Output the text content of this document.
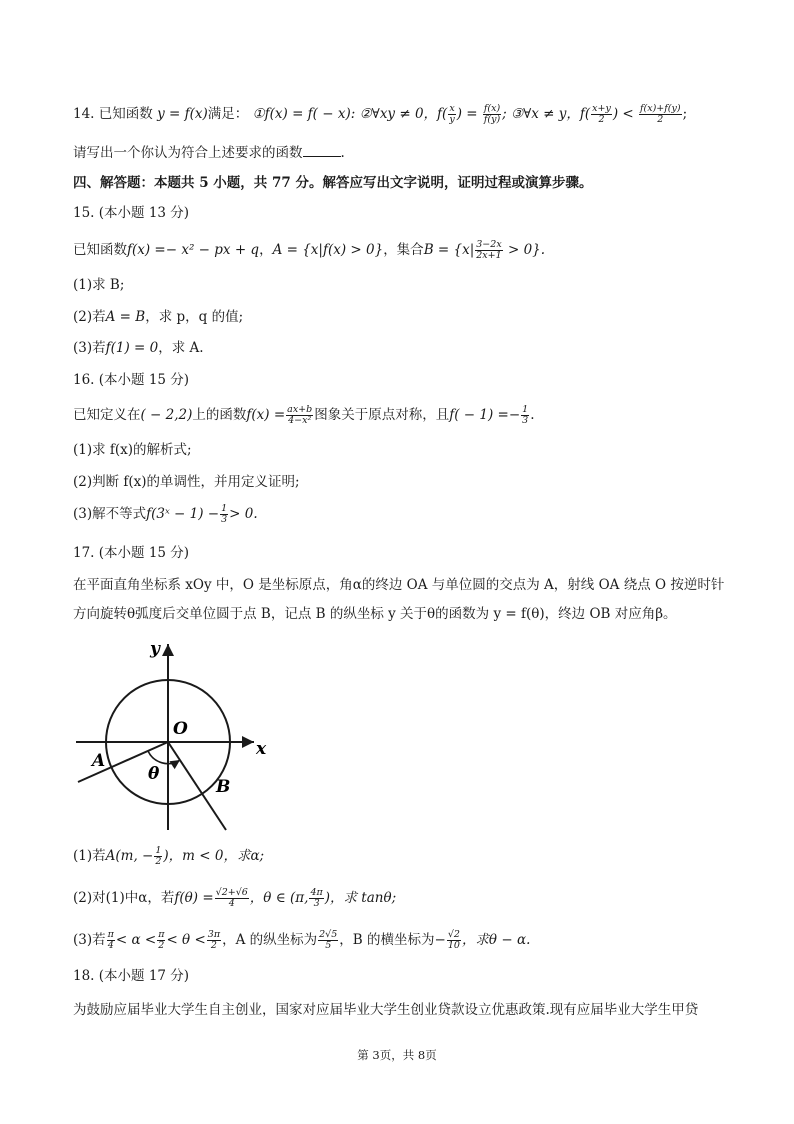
14. 已知函数 y = f(x)满足： ①f(x) = f( − x): ②∀xy ≠ 0，$f( \frac{x}{y}$ ) = $\frac{f(x)}{f(y)}$ ; ③∀x ≠ y，$f( \frac{x+y}{2}$ ) < $\frac{f(x)+f(y)}{2}$ ;
请写出一个你认为符合上述要求的函数	.
四、解答题：本题共 5 小题，共 77 分。解答应写出文字说明，证明过程或演算步骤。
15. (本小题 13 分)
已知函数f(x) =− x² − px + q，A = {x|f(x) > 0}，集合$B = \{x| \frac{3-2x}{2x+1} > 0\}$.
(1)求 B;
(2)若A = B，求 p，q 的值;
(3)若f(1) = 0，求 A.
16. (本小题 15 分)
已知定义在( − 2,2)上的函数$f(x) = \frac{ax+b}{\text{4−x²}}$ 图象关于原点对称，且$f( - 1) =- \frac{1}{3}$ .
(1)求 f(x)的解析式;
(2)判断 f(x)的单调性，并用定义证明;
(3)解不等式f(3ˣ − $1) - \frac{1}{3} > 0$.
17. (本小题 15 分)
在平面直角坐标系 xOy 中，O 是坐标原点，角α的终边 OA 与单位圆的交点为 A，射线 OA 绕点 O 按逆时针
方向旋转θ弧度后交单位圆于点 B，记点 B 的纵坐标 y 关于θ的函数为 y = f(θ)，终边 OB 对应角β。
y
x
O
A
B
θ
(1)若A(m, − $\frac{1}{2}$ )，m < 0，求α;
(2)对(1)中α，若$f(\theta) = \frac{√2+√6}{4}$ ，θ ∈ (π, $\frac{4\pi}{3}$ )，求 tanθ;
(3)若 $\frac{\pi}{4} < \alpha < \frac{\pi}{2} < \theta < \frac{3\pi}{2}$ ，A 的纵坐标为 $\frac{2√5}{5}$ ，B 的横坐标为− $\frac{√2}{10}$ ，求θ − α.
18. (本小题 17 分)
为鼓励应届毕业大学生自主创业，国家对应届毕业大学生创业贷款设立优惠政策.现有应届毕业大学生甲贷
第 3页，共 8页
